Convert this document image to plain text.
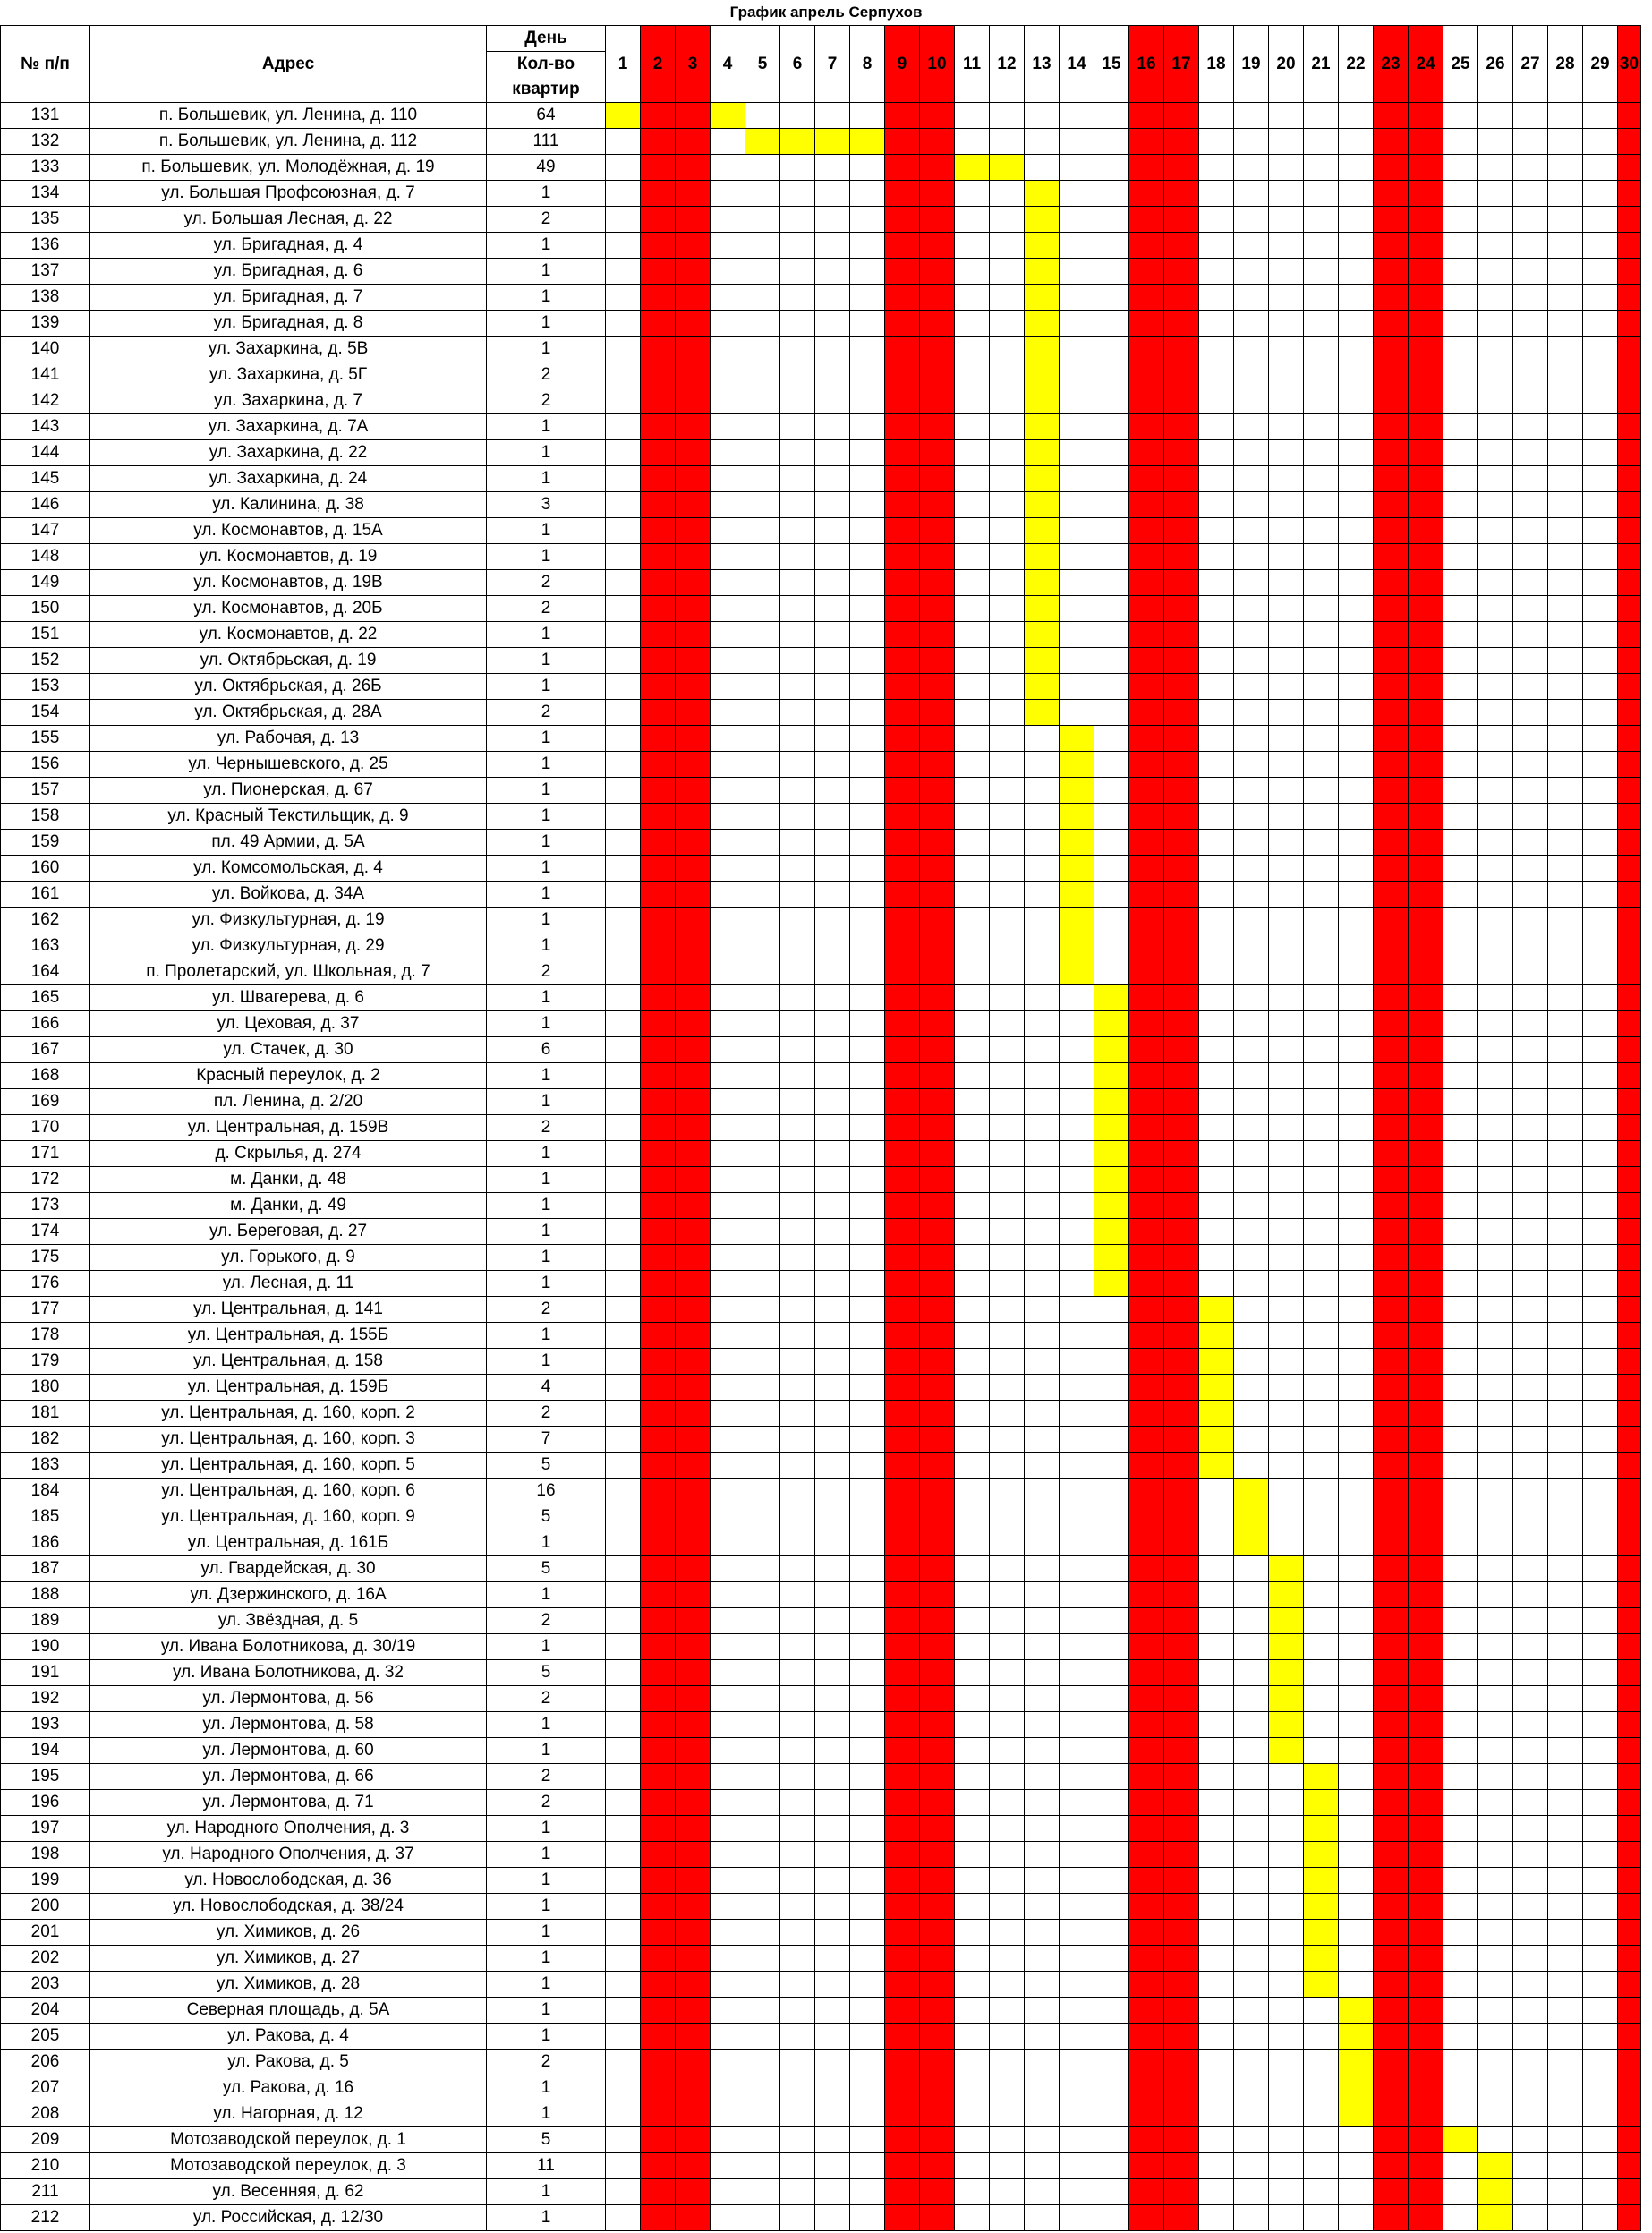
График апрель Серпухов
№ п/п	Адрес	День	1	2	3	4	5	6	7	8	9	10	11	12	13	14	15	16	17	18	19	20	21	22	23	24	25	26	27	28	29	30
		Кол-во квартир																														
131	п. Большевик, ул. Ленина, д. 110	64																														
132	п. Большевик, ул. Ленина, д. 112	111																														
133	п. Большевик, ул. Молодёжная, д. 19	49																														
134	ул. Большая Профсоюзная, д. 7	1																														
135	ул. Большая Лесная, д. 22	2																														
136	ул. Бригадная, д. 4	1																														
137	ул. Бригадная, д. 6	1																														
138	ул. Бригадная, д. 7	1																														
139	ул. Бригадная, д. 8	1																														
140	ул. Захаркина, д. 5В	1																														
141	ул. Захаркина, д. 5Г	2																														
142	ул. Захаркина, д. 7	2																														
143	ул. Захаркина, д. 7А	1																														
144	ул. Захаркина, д. 22	1																														
145	ул. Захаркина, д. 24	1																														
146	ул. Калинина, д. 38	3																														
147	ул. Космонавтов, д. 15А	1																														
148	ул. Космонавтов, д. 19	1																														
149	ул. Космонавтов, д. 19В	2																														
150	ул. Космонавтов, д. 20Б	2																														
151	ул. Космонавтов, д. 22	1																														
152	ул. Октябрьская, д. 19	1																														
153	ул. Октябрьская, д. 26Б	1																														
154	ул. Октябрьская, д. 28А	2																														
155	ул. Рабочая, д. 13	1																														
156	ул. Чернышевского, д. 25	1																														
157	ул. Пионерская, д. 67	1																														
158	ул. Красный Текстильщик, д. 9	1																														
159	пл. 49 Армии, д. 5А	1																														
160	ул. Комсомольская, д. 4	1																														
161	ул. Войкова, д. 34А	1																														
162	ул. Физкультурная, д. 19	1																														
163	ул. Физкультурная, д. 29	1																														
164	п. Пролетарский, ул. Школьная, д. 7	2																														
165	ул. Швагерева, д. 6	1																														
166	ул. Цеховая, д. 37	1																														
167	ул. Стачек, д. 30	6																														
168	Красный переулок, д. 2	1																														
169	пл. Ленина, д. 2/20	1																														
170	ул. Центральная, д. 159В	2																														
171	д. Скрылья, д. 274	1																														
172	м. Данки, д. 48	1																														
173	м. Данки, д. 49	1																														
174	ул. Береговая, д. 27	1																														
175	ул. Горького, д. 9	1																														
176	ул. Лесная, д. 11	1																														
177	ул. Центральная, д. 141	2																														
178	ул. Центральная, д. 155Б	1																														
179	ул. Центральная, д. 158	1																														
180	ул. Центральная, д. 159Б	4																														
181	ул. Центральная, д. 160, корп. 2	2																														
182	ул. Центральная, д. 160, корп. 3	7																														
183	ул. Центральная, д. 160, корп. 5	5																														
184	ул. Центральная, д. 160, корп. 6	16																														
185	ул. Центральная, д. 160, корп. 9	5																														
186	ул. Центральная, д. 161Б	1																														
187	ул. Гвардейская, д. 30	5																														
188	ул. Дзержинского, д. 16А	1																														
189	ул. Звёздная, д. 5	2																														
190	ул. Ивана Болотникова, д. 30/19	1																														
191	ул. Ивана Болотникова, д. 32	5																														
192	ул. Лермонтова, д. 56	2																														
193	ул. Лермонтова, д. 58	1																														
194	ул. Лермонтова, д. 60	1																														
195	ул. Лермонтова, д. 66	2																														
196	ул. Лермонтова, д. 71	2																														
197	ул. Народного Ополчения, д. 3	1																														
198	ул. Народного Ополчения, д. 37	1																														
199	ул. Новослободская, д. 36	1																														
200	ул. Новослободская, д. 38/24	1																														
201	ул. Химиков, д. 26	1																														
202	ул. Химиков, д. 27	1																														
203	ул. Химиков, д. 28	1																														
204	Северная площадь, д. 5А	1																														
205	ул. Ракова, д. 4	1																														
206	ул. Ракова, д. 5	2																														
207	ул. Ракова, д. 16	1																														
208	ул. Нагорная, д. 12	1																														
209	Мотозаводской переулок, д. 1	5																														
210	Мотозаводской переулок, д. 3	11																														
211	ул. Весенняя, д. 62	1																														
212	ул. Российская, д. 12/30	1																														
